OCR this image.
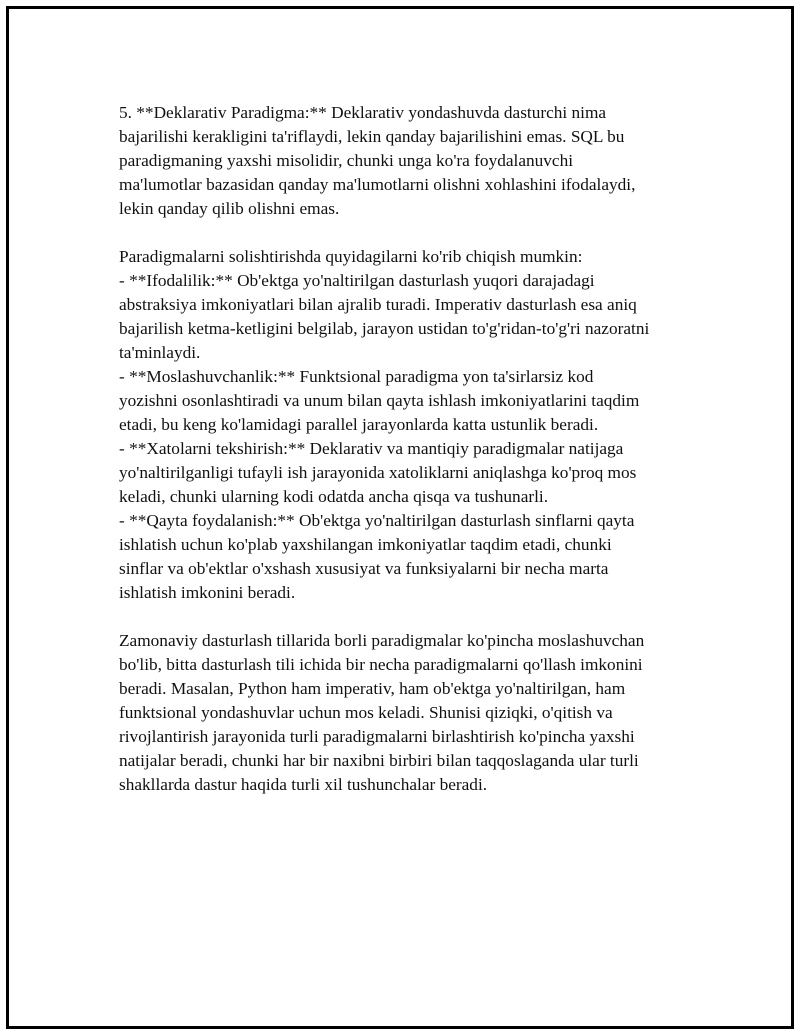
5. **Deklarativ Paradigma:** Deklarativ yondashuvda dasturchi nima
bajarilishi kerakligini ta'riflaydi, lekin qanday bajarilishini emas. SQL bu
paradigmaning yaxshi misolidir, chunki unga ko'ra foydalanuvchi
ma'lumotlar bazasidan qanday ma'lumotlarni olishni xohlashini ifodalaydi,
lekin qanday qilib olishni emas.
Paradigmalarni solishtirishda quyidagilarni ko'rib chiqish mumkin:
- **Ifodalilik:** Ob'ektga yo'naltirilgan dasturlash yuqori darajadagi
abstraksiya imkoniyatlari bilan ajralib turadi. Imperativ dasturlash esa aniq
bajarilish ketma-ketligini belgilab, jarayon ustidan to'g'ridan-to'g'ri nazoratni
ta'minlaydi.
- **Moslashuvchanlik:** Funktsional paradigma yon ta'sirlarsiz kod
yozishni osonlashtiradi va unum bilan qayta ishlash imkoniyatlarini taqdim
etadi, bu keng ko'lamidagi parallel jarayonlarda katta ustunlik beradi.
- **Xatolarni tekshirish:** Deklarativ va mantiqiy paradigmalar natijaga
yo'naltirilganligi tufayli ish jarayonida xatoliklarni aniqlashga ko'proq mos
keladi, chunki ularning kodi odatda ancha qisqa va tushunarli.
- **Qayta foydalanish:** Ob'ektga yo'naltirilgan dasturlash sinflarni qayta
ishlatish uchun ko'plab yaxshilangan imkoniyatlar taqdim etadi, chunki
sinflar va ob'ektlar o'xshash xususiyat va funksiyalarni bir necha marta
ishlatish imkonini beradi.
Zamonaviy dasturlash tillarida borli paradigmalar ko'pincha moslashuvchan
bo'lib, bitta dasturlash tili ichida bir necha paradigmalarni qo'llash imkonini
beradi. Masalan, Python ham imperativ, ham ob'ektga yo'naltirilgan, ham
funktsional yondashuvlar uchun mos keladi. Shunisi qiziqki, o'qitish va
rivojlantirish jarayonida turli paradigmalarni birlashtirish ko'pincha yaxshi
natijalar beradi, chunki har bir naxibni birbiri bilan taqqoslaganda ular turli
shakllarda dastur haqida turli xil tushunchalar beradi.
